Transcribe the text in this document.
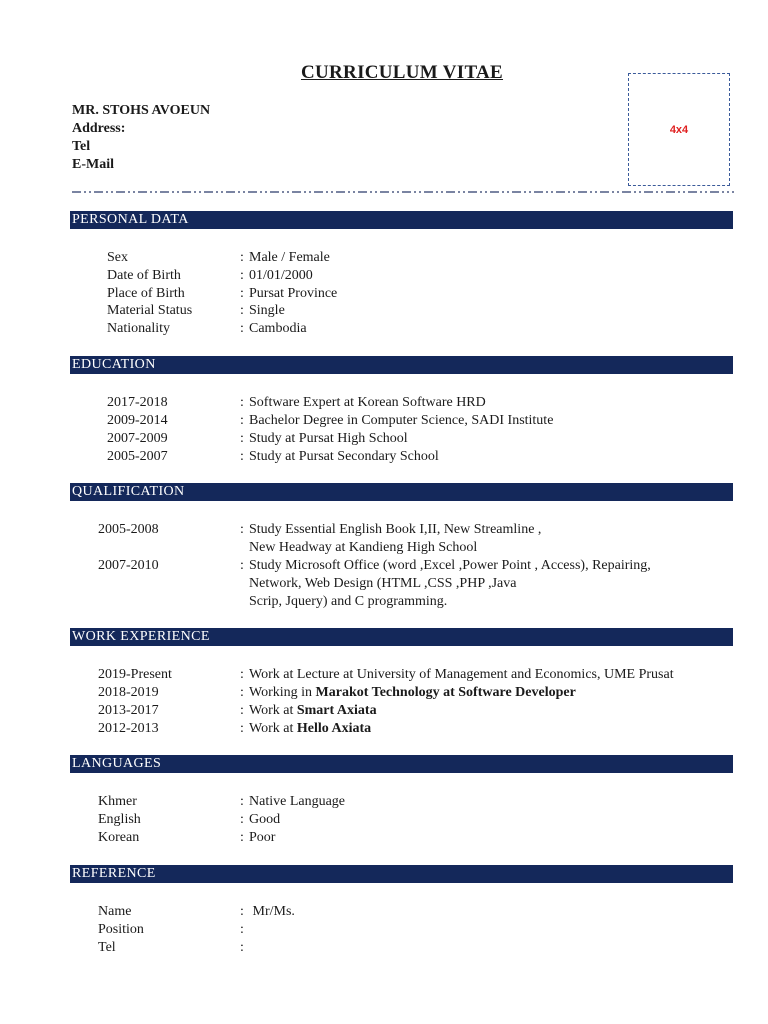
CURRICULUM VITAE
MR. STOHS AVOEUN
Address:
Tel
E-Mail
4x4
PERSONAL DATA
Sex	: Male / Female
Date of Birth	: 01/01/2000
Place of Birth	: Pursat Province
Material Status	: Single
Nationality	: Cambodia
EDUCATION
2017-2018	: Software Expert at Korean Software HRD
2009-2014	: Bachelor Degree in Computer Science, SADI Institute
2007-2009	: Study at Pursat High School
2005-2007	: Study at Pursat Secondary School
QUALIFICATION
2005-2008	: Study Essential English Book I,II, New Streamline ,
New Headway at Kandieng High School
2007-2010	: Study Microsoft Office (word ,Excel ,Power Point , Access), Repairing,
Network, Web Design (HTML ,CSS ,PHP ,Java
Scrip, Jquery) and C programming.
WORK EXPERIENCE
2019-Present	: Work at Lecture at University of Management and Economics, UME Prusat
2018-2019	: Working in Marakot Technology at Software Developer
2013-2017	: Work at Smart Axiata
2012-2013	: Work at Hello Axiata
LANGUAGES
Khmer	: Native Language
English	: Good
Korean	: Poor
REFERENCE
Name	: Mr/Ms.
Position	:
Tel	:
